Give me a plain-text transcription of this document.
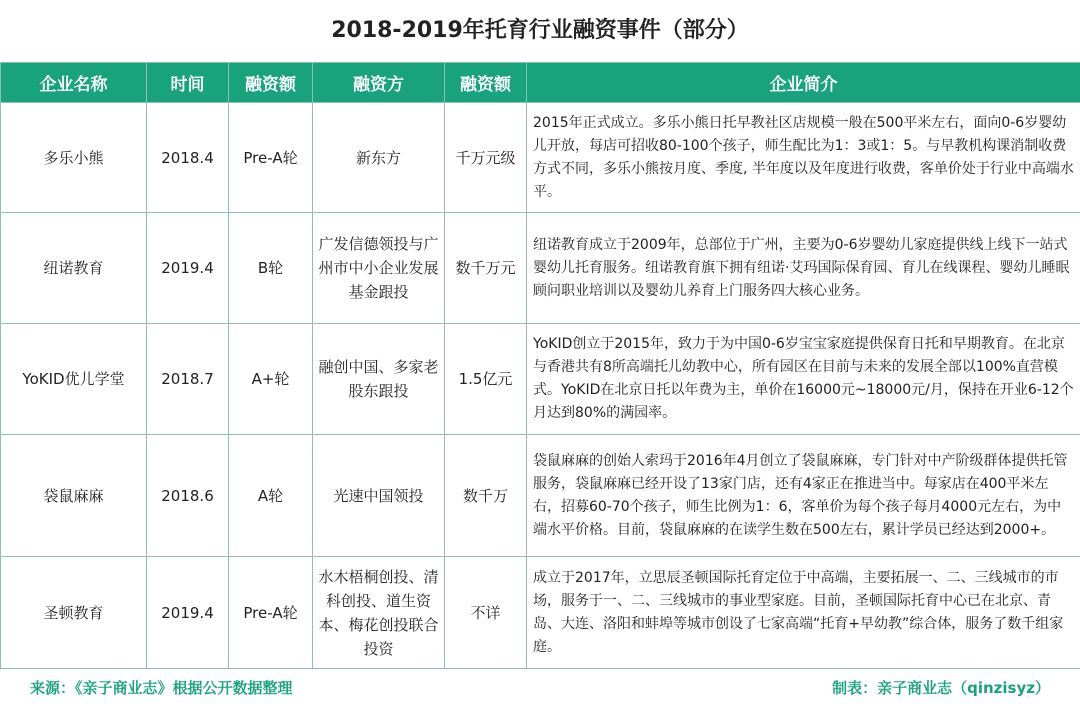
2018-2019年托育行业融资事件（部分）
企业名称	时间	融资额	融资方	融资额	企业简介
多乐小熊	2018.4	Pre-A轮	新东方	千万元级	2015年正式成立。多乐小熊日托早教社区店规模一般在500平米左右，面向0-6岁婴幼儿开放，每店可招收80-100个孩子，师生配比为1：3或1：5。与早教机构课消制收费方式不同，多乐小熊按月度、季度, 半年度以及年度进行收费，客单价处于行业中高端水平。
纽诺教育	2019.4	B轮	广发信德领投与广州市中小企业发展基金跟投	数千万元	纽诺教育成立于2009年，总部位于广州，主要为0-6岁婴幼儿家庭提供线上线下一站式婴幼儿托育服务。纽诺教育旗下拥有纽诺·艾玛国际保育园、育儿在线课程、婴幼儿睡眠顾问职业培训以及婴幼儿养育上门服务四大核心业务。
YoKID优儿学堂	2018.7	A+轮	融创中国、多家老股东跟投	1.5亿元	YoKID创立于2015年，致力于为中国0-6岁宝宝家庭提供保育日托和早期教育。在北京与香港共有8所高端托儿幼教中心，所有园区在目前与未来的发展全部以100%直营模式。YoKID在北京日托以年费为主，单价在16000元~18000元/月，保持在开业6-12个月达到80%的满园率。
袋鼠麻麻	2018.6	A轮	光速中国领投	数千万	袋鼠麻麻的创始人索玛于2016年4月创立了袋鼠麻麻，专门针对中产阶级群体提供托管服务，袋鼠麻麻已经开设了13家门店，还有4家正在推进当中。每家店在400平米左右，招募60-70个孩子，师生比例为1：6，客单价为每个孩子每月4000元左右，为中端水平价格。目前，袋鼠麻麻的在读学生数在500左右，累计学员已经达到2000+。
圣顿教育	2019.4	Pre-A轮	水木梧桐创投、清科创投、道生资本、梅花创投联合投资	不详	成立于2017年，立思辰圣顿国际托育定位于中高端，主要拓展一、二、三线城市的市场，服务于一、二、三线城市的事业型家庭。目前，圣顿国际托育中心已在北京、青岛、大连、洛阳和蚌埠等城市创设了七家高端“托育+早幼教”综合体，服务了数千组家庭。
来源：《亲子商业志》根据公开数据整理	制表：亲子商业志（qinzisyz）
